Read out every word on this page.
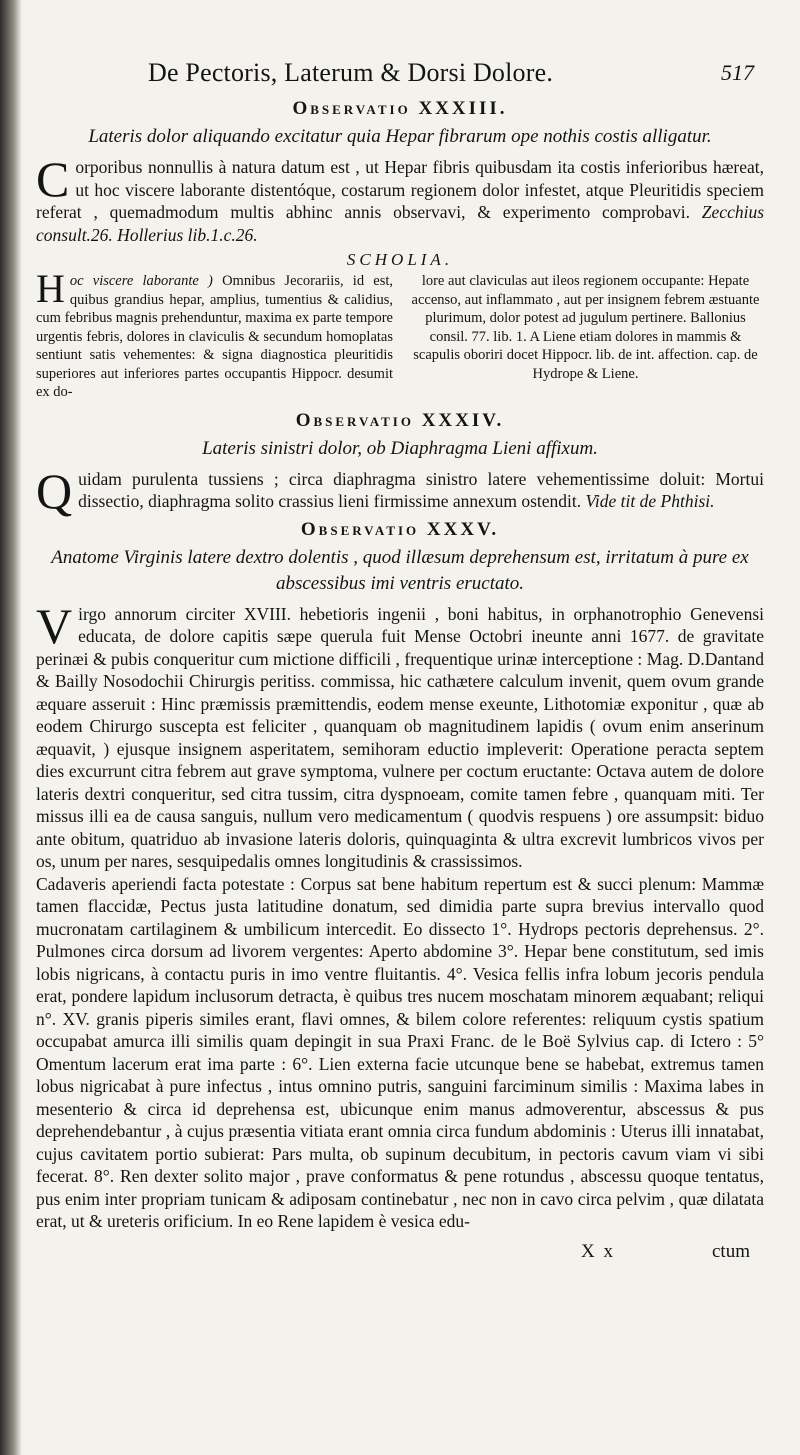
De Pectoris, Laterum & Dorsi Dolore.	517
Observatio XXXIII.
Lateris dolor aliquando excitatur quia Hepar fibrarum ope nothis costis alligatur.

Corporibus nonnullis à natura datum est , ut Hepar fibris quibusdam ita costis inferioribus hæreat, ut hoc viscere laborante distentóque, costarum regionem dolor infestet, atque Pleuritidis speciem referat , quemadmodum multis abhinc annis observavi, & experimento comprobavi. Zecchius consult.26. Hollerius lib.1.c.26.

SCHOLIA.
Hoc viscere laborante ) Omnibus Jecorariis, id est, quibus grandius hepar, amplius, tumentius & calidius, cum febribus magnis prehenduntur, maxima ex parte tempore urgentis febris, dolores in claviculis & secundum homoplatas sentiunt satis vehementes: & signa diagnostica pleuritidis superiores aut inferiores partes occupantis Hippocr. desumit ex do-
lore aut claviculas aut ileos regionem occupante: Hepate accenso, aut inflammato , aut per insignem febrem æstuante plurimum, dolor potest ad jugulum pertinere. Ballonius consil. 77. lib. 1. A Liene etiam dolores in mammis & scapulis oboriri docet Hippocr. lib. de int. affection. cap. de Hydrope & Liene.
Observatio XXXIV.
Lateris sinistri dolor, ob Diaphragma Lieni affixum.

Quidam purulenta tussiens ; circa diaphragma sinistro latere vehementissime doluit: Mortui dissectio, diaphragma solito crassius lieni firmissime annexum ostendit. Vide tit de Phthisi.

Observatio XXXV.
Anatome Virginis latere dextro dolentis , quod illæsum deprehensum est, irritatum à pure ex abscessibus imi ventris eructato.

Virgo annorum circiter XVIII. hebetioris ingenii , boni habitus, in orphanotrophio Genevensi educata, de dolore capitis sæpe querula fuit Mense Octobri ineunte anni 1677. de gravitate perinæi & pubis conqueritur cum mictione difficili , frequentique urinæ interceptione : Mag. D.Dantand & Bailly Nosodochii Chirurgis peritiss. commissa, hic cathætere calculum invenit, quem ovum grande æquare asseruit : Hinc præmissis præmittendis, eodem mense exeunte, Lithotomiæ exponitur , quæ ab eodem Chirurgo suscepta est feliciter , quanquam ob magnitudinem lapidis ( ovum enim anserinum æquavit, ) ejusque insignem asperitatem, semihoram eductio impleverit: Operatione peracta septem dies excurrunt citra febrem aut grave symptoma, vulnere per coctum eructante: Octava autem de dolore lateris dextri conqueritur, sed citra tussim, citra dyspnoeam, comite tamen febre , quanquam miti. Ter missus illi ea de causa sanguis, nullum vero medicamentum ( quodvis respuens ) ore assumpsit: biduo ante obitum, quatriduo ab invasione lateris doloris, quinquaginta & ultra excrevit lumbricos vivos per os, unum per nares, sesquipedalis omnes longitudinis & crassissimos.

Cadaveris aperiendi facta potestate : Corpus sat bene habitum repertum est & succi plenum: Mammæ tamen flaccidæ, Pectus justa latitudine donatum, sed dimidia parte supra brevius intervallo quod mucronatam cartilaginem & umbilicum intercedit. Eo dissecto 1°. Hydrops pectoris deprehensus. 2°. Pulmones circa dorsum ad livorem vergentes: Aperto abdomine 3°. Hepar bene constitutum, sed imis lobis nigricans, à contactu puris in imo ventre fluitantis. 4°. Vesica fellis infra lobum jecoris pendula erat, pondere lapidum inclusorum detracta, è quibus tres nucem moschatam minorem æquabant; reliqui n°. XV. granis piperis similes erant, flavi omnes, & bilem colore referentes: reliquum cystis spatium occupabat amurca illi similis quam depingit in sua Praxi Franc. de le Boë Sylvius cap. di Ictero : 5° Omentum lacerum erat ima parte : 6°. Lien externa facie utcunque bene se habebat, extremus tamen lobus nigricabat à pure infectus , intus omnino putris, sanguini farciminum similis : Maxima labes in mesenterio & circa id deprehensa est, ubicunque enim manus admoverentur, abscessus & pus deprehendebantur , à cujus præsentia vitiata erant omnia circa fundum abdominis : Uterus illi innatabat, cujus cavitatem portio subierat: Pars multa, ob supinum decubitum, in pectoris cavum viam vi sibi fecerat. 8°. Ren dexter solito major , prave conformatus & pene rotundus , abscessu quoque tentatus, pus enim inter propriam tunicam & adiposam continebatur , nec non in cavo circa pelvim , quæ dilatata erat, ut & ureteris orificium. In eo Rene lapidem è vesica edu-

X x	ctum
